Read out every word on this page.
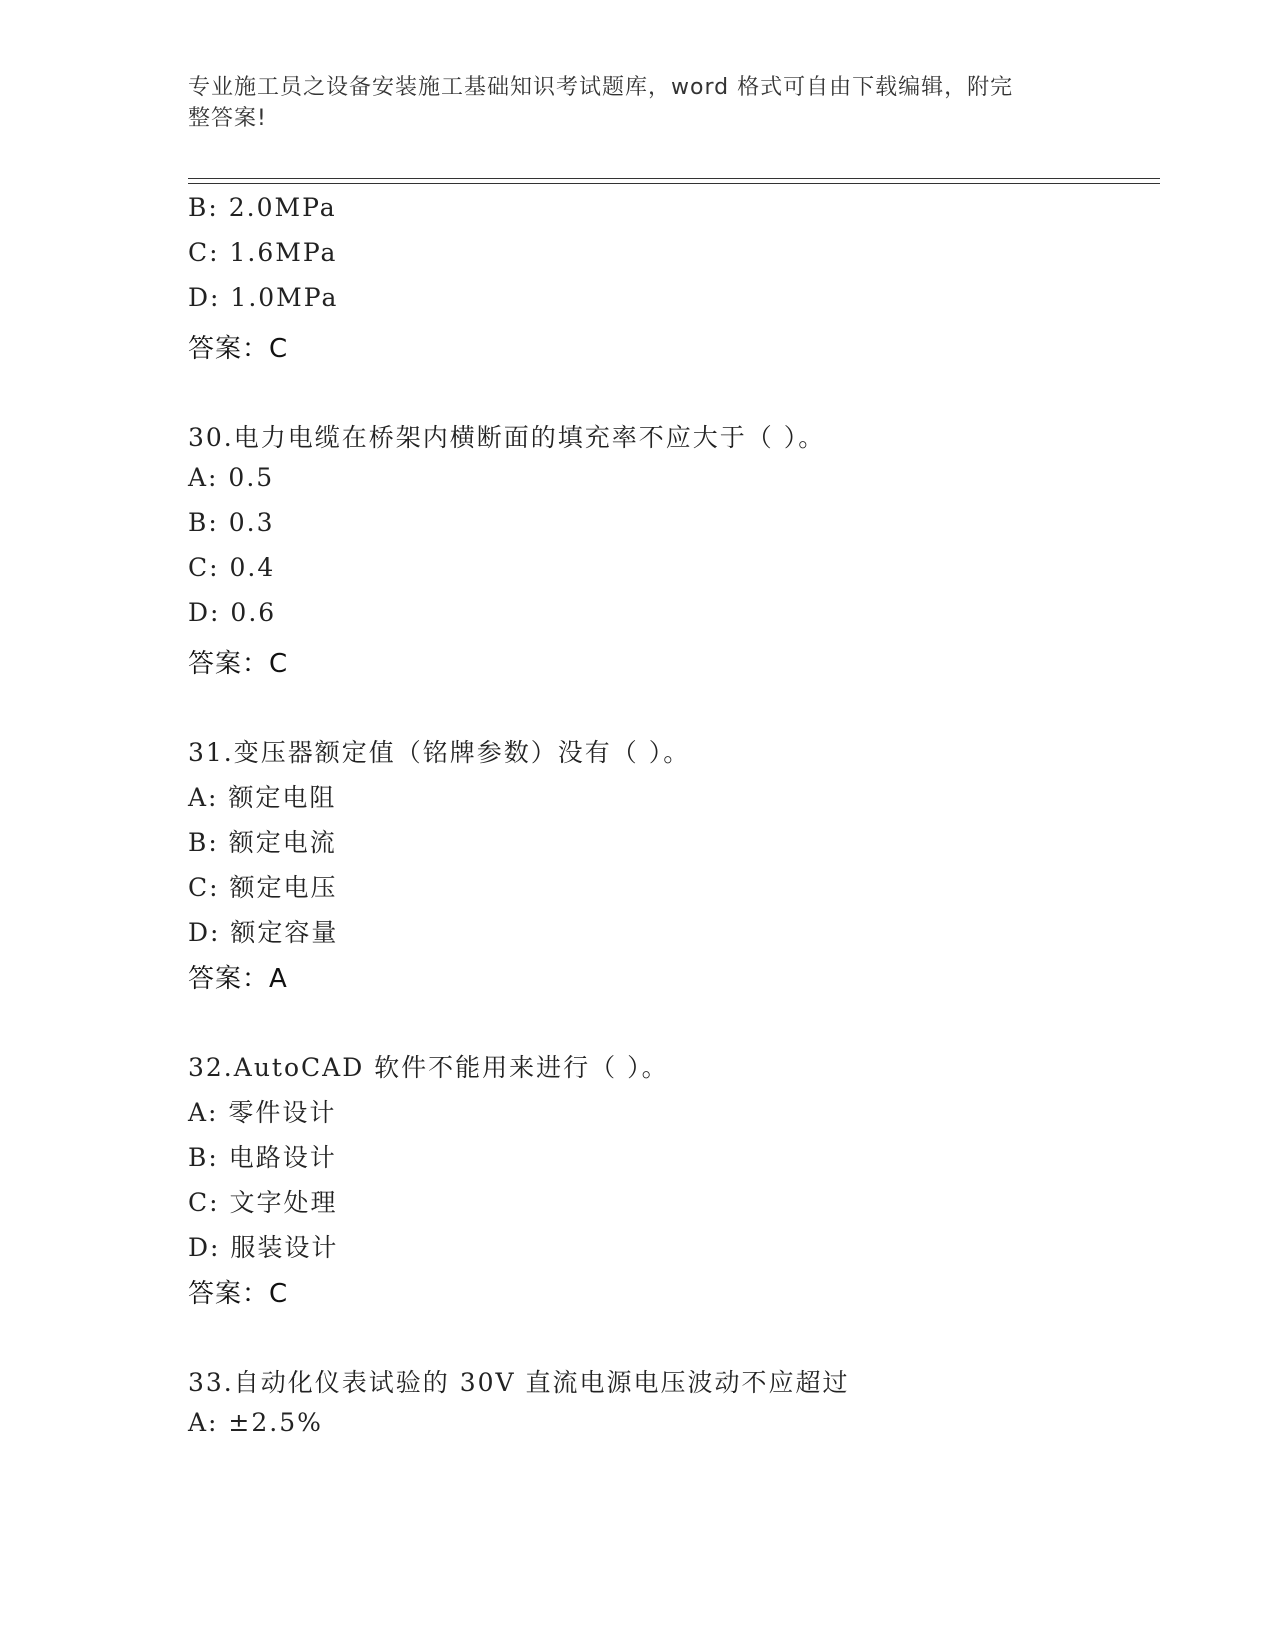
专业施工员之设备安装施工基础知识考试题库，word 格式可自由下载编辑，附完
整答案!
B: 2.0MPa
C: 1.6MPa
D: 1.0MPa
答案：C
30.电力电缆在桥架内横断面的填充率不应大于（ ）。
A: 0.5
B: 0.3
C: 0.4
D: 0.6
答案：C
31.变压器额定值（铭牌参数）没有（ ）。
A: 额定电阻
B: 额定电流
C: 额定电压
D: 额定容量
答案：A
32.AutoCAD 软件不能用来进行（ ）。
A: 零件设计
B: 电路设计
C: 文字处理
D: 服装设计
答案：C
33.自动化仪表试验的 30V 直流电源电压波动不应超过
A: ±2.5%
